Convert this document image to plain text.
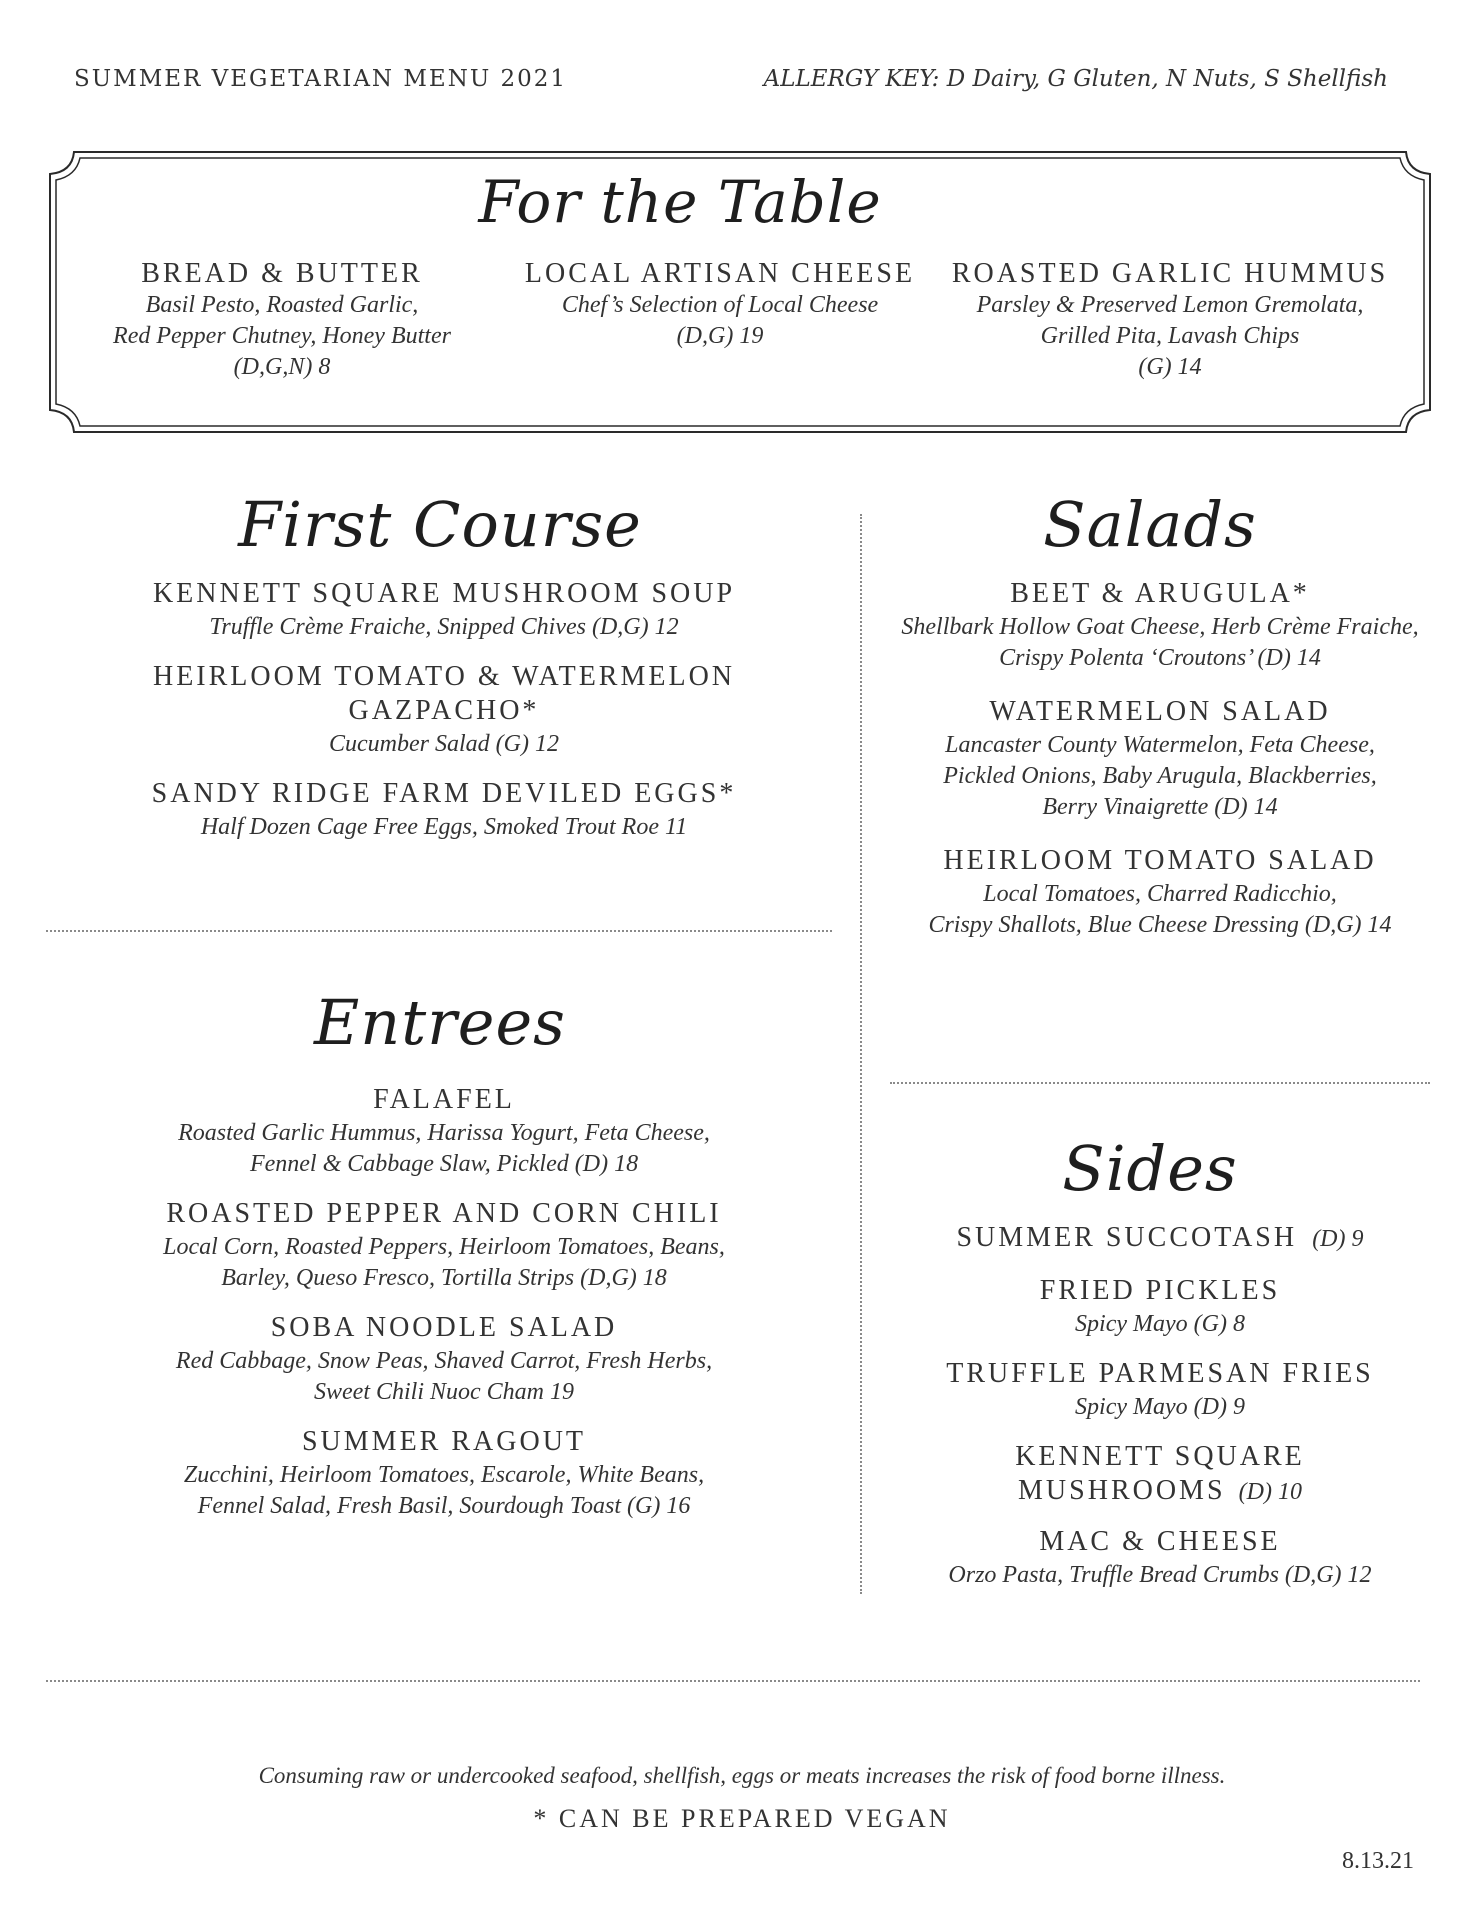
SUMMER VEGETARIAN MENU 2021	ALLERGY KEY: D Dairy, G Gluten, N Nuts, S Shellfish
For the Table
BREAD & BUTTER
Basil Pesto, Roasted Garlic,
Red Pepper Chutney, Honey Butter
(D,G,N) 8
LOCAL ARTISAN CHEESE
Chef’s Selection of Local Cheese
(D,G) 19
ROASTED GARLIC HUMMUS
Parsley & Preserved Lemon Gremolata,
Grilled Pita, Lavash Chips
(G) 14
First Course
KENNETT SQUARE MUSHROOM SOUP
Truffle Crème Fraiche, Snipped Chives (D,G) 12
HEIRLOOM TOMATO & WATERMELON
GAZPACHO*
Cucumber Salad (G) 12
SANDY RIDGE FARM DEVILED EGGS*
Half Dozen Cage Free Eggs, Smoked Trout Roe 11
Entrees
FALAFEL
Roasted Garlic Hummus, Harissa Yogurt, Feta Cheese,
Fennel & Cabbage Slaw, Pickled (D) 18
ROASTED PEPPER AND CORN CHILI
Local Corn, Roasted Peppers, Heirloom Tomatoes, Beans,
Barley, Queso Fresco, Tortilla Strips (D,G) 18
SOBA NOODLE SALAD
Red Cabbage, Snow Peas, Shaved Carrot, Fresh Herbs,
Sweet Chili Nuoc Cham 19
SUMMER RAGOUT
Zucchini, Heirloom Tomatoes, Escarole, White Beans,
Fennel Salad, Fresh Basil, Sourdough Toast (G) 16
Salads
BEET & ARUGULA*
Shellbark Hollow Goat Cheese, Herb Crème Fraiche,
Crispy Polenta ‘Croutons’ (D) 14
WATERMELON SALAD
Lancaster County Watermelon, Feta Cheese,
Pickled Onions, Baby Arugula, Blackberries,
Berry Vinaigrette (D) 14
HEIRLOOM TOMATO SALAD
Local Tomatoes, Charred Radicchio,
Crispy Shallots, Blue Cheese Dressing (D,G) 14
Sides
SUMMER SUCCOTASH (D) 9
FRIED PICKLES
Spicy Mayo (G) 8
TRUFFLE PARMESAN FRIES
Spicy Mayo (D) 9
KENNETT SQUARE
MUSHROOMS (D) 10
MAC & CHEESE
Orzo Pasta, Truffle Bread Crumbs (D,G) 12
Consuming raw or undercooked seafood, shellfish, eggs or meats increases the risk of food borne illness.
* CAN BE PREPARED VEGAN
8.13.21
